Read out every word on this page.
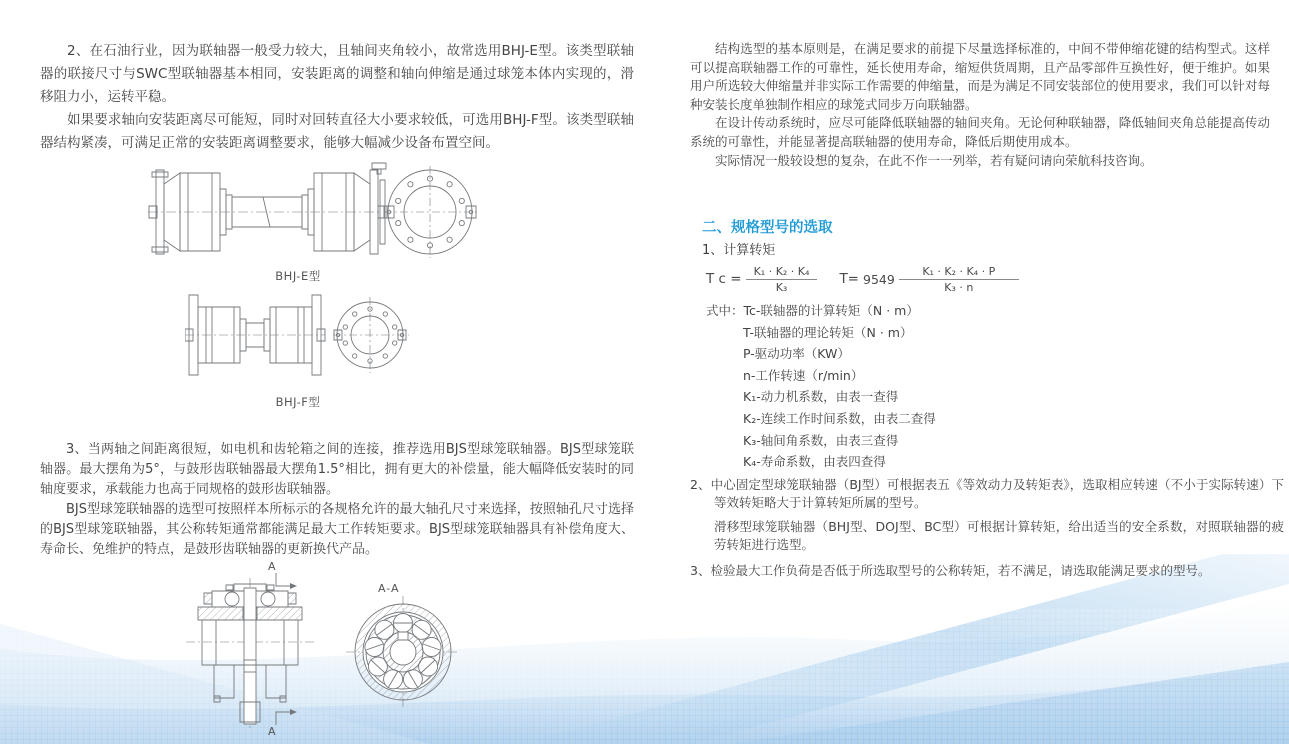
2、在石油行业，因为联轴器一般受力较大，且轴间夹角较小，故常选用BHJ-E型。该类型联轴器的联接尺寸与SWC型联轴器基本相同，安装距离的调整和轴向伸缩是通过球笼本体内实现的，滑移阻力小，运转平稳。

如果要求轴向安装距离尽可能短，同时对回转直径大小要求较低，可选用BHJ-F型。该类型联轴器结构紧凑，可满足正常的安装距离调整要求，能够大幅减少设备布置空间。

BHJ-E型
BHJ-F型

3、当两轴之间距离很短，如电机和齿轮箱之间的连接，推荐选用BJS型球笼联轴器。BJS型球笼联轴器。最大摆角为5°，与鼓形齿联轴器最大摆角1.5°相比，拥有更大的补偿量，能大幅降低安装时的同轴度要求，承载能力也高于同规格的鼓形齿联轴器。

BJS型球笼联轴器的选型可按照样本所标示的各规格允许的最大轴孔尺寸来选择，按照轴孔尺寸选择的BJS型球笼联轴器，其公称转矩通常都能满足最大工作转矩要求。BJS型球笼联轴器具有补偿角度大、寿命长、免维护的特点，是鼓形齿联轴器的更新换代产品。

A
A-A
A

结构选型的基本原则是，在满足要求的前提下尽量选择标准的，中间不带伸缩花键的结构型式。这样可以提高联轴器工作的可靠性，延长使用寿命，缩短供货周期，且产品零部件互换性好，便于维护。如果用户所选较大伸缩量并非实际工作需要的伸缩量，而是为满足不同安装部位的使用要求，我们可以针对每种安装长度单独制作相应的球笼式同步万向联轴器。

在设计传动系统时，应尽可能降低联轴器的轴间夹角。无论何种联轴器，降低轴间夹角总能提高传动系统的可靠性，并能显著提高联轴器的使用寿命，降低后期使用成本。

实际情况一般较设想的复杂，在此不作一一列举，若有疑问请向荣航科技咨询。

二、规格型号的选取
1、计算转矩
T $c = \frac{\text{K₁ · K₂ · K₄}}{\text{K₃}} T= 9549 \frac{\text{K₁ · K₂ · K₄ · P}}{\text{K₃ · n}}$
式中：Tc-联轴器的计算转矩（N · m）
T-联轴器的理论转矩（N · m）
P-驱动功率（KW）
n-工作转速（r/min）
K₁-动力机系数，由表一查得
K₂-连续工作时间系数，由表二查得
K₃-轴间角系数，由表三查得
K₄-寿命系数，由表四查得
2、中心固定型球笼联轴器（BJ型）可根据表五《等效动力及转矩表》，选取相应转速（不小于实际转速）下等效转矩略大于计算转矩所属的型号。
滑移型球笼联轴器（BHJ型、DOJ型、BC型）可根据计算转矩，给出适当的安全系数，对照联轴器的疲劳转矩进行选型。
3、检验最大工作负荷是否低于所选取型号的公称转矩，若不满足，请选取能满足要求的型号。
